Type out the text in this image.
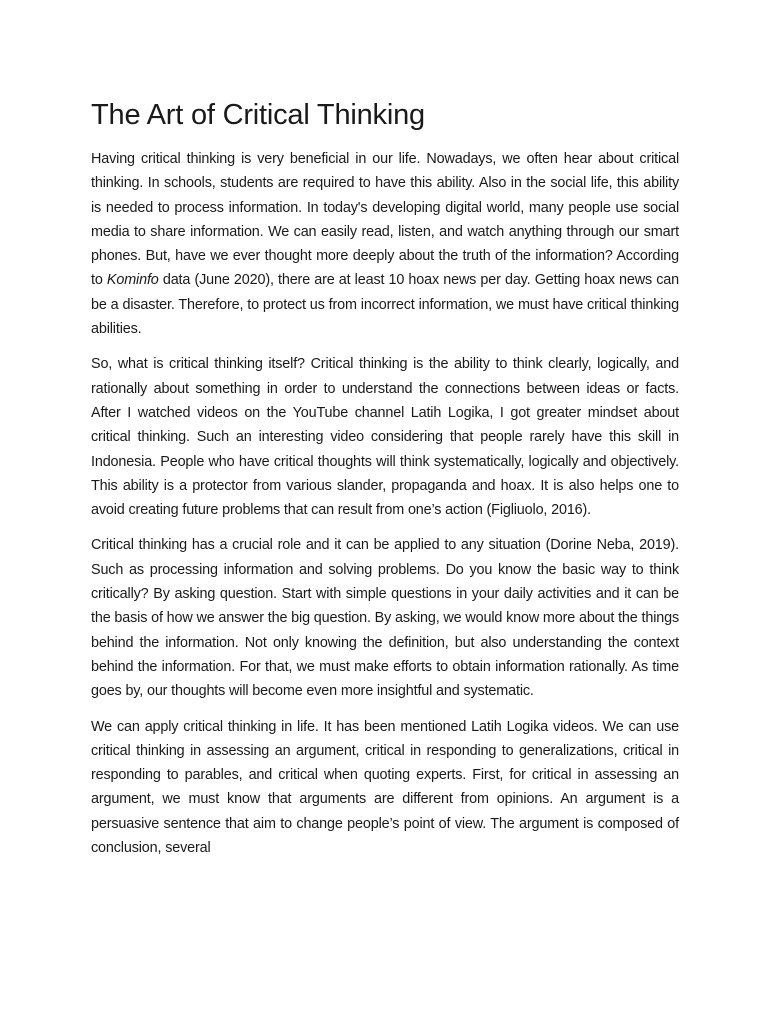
The Art of Critical Thinking

Having critical thinking is very beneficial in our life. Nowadays, we often hear about critical thinking. In schools, students are required to have this ability. Also in the social life, this ability is needed to process information. In today's developing digital world, many people use social media to share information. We can easily read, listen, and watch anything through our smart phones. But, have we ever thought more deeply about the truth of the information? According to Kominfo data (June 2020), there are at least 10 hoax news per day. Getting hoax news can be a disaster. Therefore, to protect us from incorrect information, we must have critical thinking abilities.

So, what is critical thinking itself? Critical thinking is the ability to think clearly, logically, and rationally about something in order to understand the connections between ideas or facts. After I watched videos on the YouTube channel Latih Logika, I got greater mindset about critical thinking. Such an interesting video considering that people rarely have this skill in Indonesia. People who have critical thoughts will think systematically, logically and objectively. This ability is a protector from various slander, propaganda and hoax. It is also helps one to avoid creating future problems that can result from one’s action (Figliuolo, 2016).

Critical thinking has a crucial role and it can be applied to any situation (Dorine Neba, 2019). Such as processing information and solving problems. Do you know the basic way to think critically? By asking question. Start with simple questions in your daily activities and it can be the basis of how we answer the big question. By asking, we would know more about the things behind the information. Not only knowing the definition, but also understanding the context behind the information. For that, we must make efforts to obtain information rationally. As time goes by, our thoughts will become even more insightful and systematic.

We can apply critical thinking in life. It has been mentioned Latih Logika videos. We can use critical thinking in assessing an argument, critical in responding to generalizations, critical in responding to parables, and critical when quoting experts. First, for critical in assessing an argument, we must know that arguments are different from opinions. An argument is a persuasive sentence that aim to change people’s point of view. The argument is composed of conclusion, several
